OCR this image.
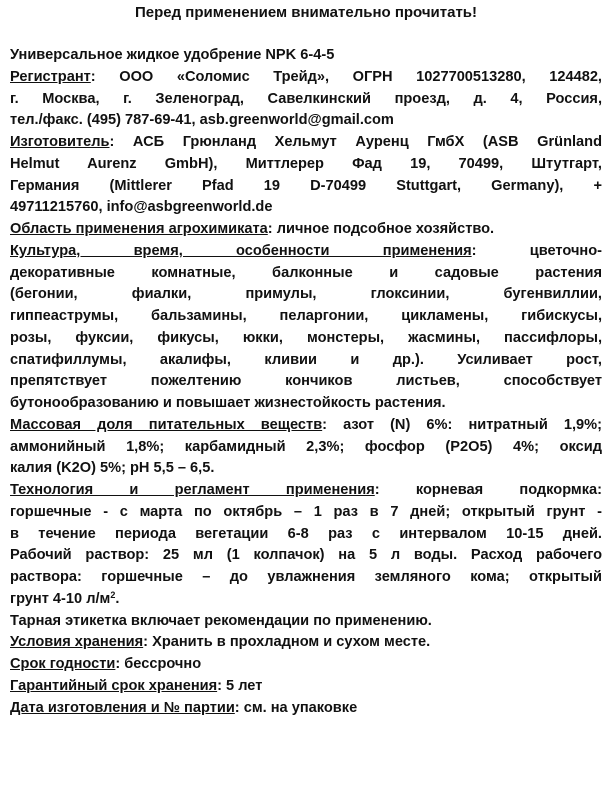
Перед применением внимательно прочитать!
Универсальное жидкое удобрение NPK 6-4-5
Регистрант: ООО «Соломис Трейд», ОГРН 1027700513280, 124482,
г. Москва, г. Зеленоград, Савелкинский проезд, д. 4, Россия,
тел./факс. (495) 787-69-41, asb.greenworld@gmail.com
Изготовитель: АСБ Грюнланд Хельмут Ауренц ГмбХ (ASB Grünland
Helmut Aurenz GmbH), Миттлерер Фад 19, 70499, Штутгарт,
Германия (Mittlerer Pfad 19 D-70499 Stuttgart, Germany), +
49711215760, info@asbgreenworld.de
Область применения агрохимиката: личное подсобное хозяйство.
Культура, время, особенности применения: цветочно-
декоративные комнатные, балконные и садовые растения
(бегонии, фиалки, примулы, глоксинии, бугенвиллии,
гиппеаструмы, бальзамины, пеларгонии, цикламены, гибискусы,
розы, фуксии, фикусы, юкки, монстеры, жасмины, пассифлоры,
спатифиллумы, акалифы, кливии и др.). Усиливает рост,
препятствует пожелтению кончиков листьев, способствует
бутонообразованию и повышает жизнестойкость растения.
Массовая доля питательных веществ: азот (N) 6%: нитратный 1,9%;
аммонийный 1,8%; карбамидный 2,3%; фосфор (P2O5) 4%; оксид
калия (K2O) 5%; pH 5,5 – 6,5.
Технология и регламент применения: корневая подкормка:
горшечные - с марта по октябрь – 1 раз в 7 дней; открытый грунт -
в течение периода вегетации 6-8 раз с интервалом 10-15 дней.
Рабочий раствор: 25 мл (1 колпачок) на 5 л воды. Расход рабочего
раствора: горшечные – до увлажнения земляного кома; открытый
грунт 4-10 $л/м^2$.
Тарная этикетка включает рекомендации по применению.
Условия хранения: Хранить в прохладном и сухом месте.
Срок годности: бессрочно
Гарантийный срок хранения: 5 лет
Дата изготовления и № партии: см. на упаковке
